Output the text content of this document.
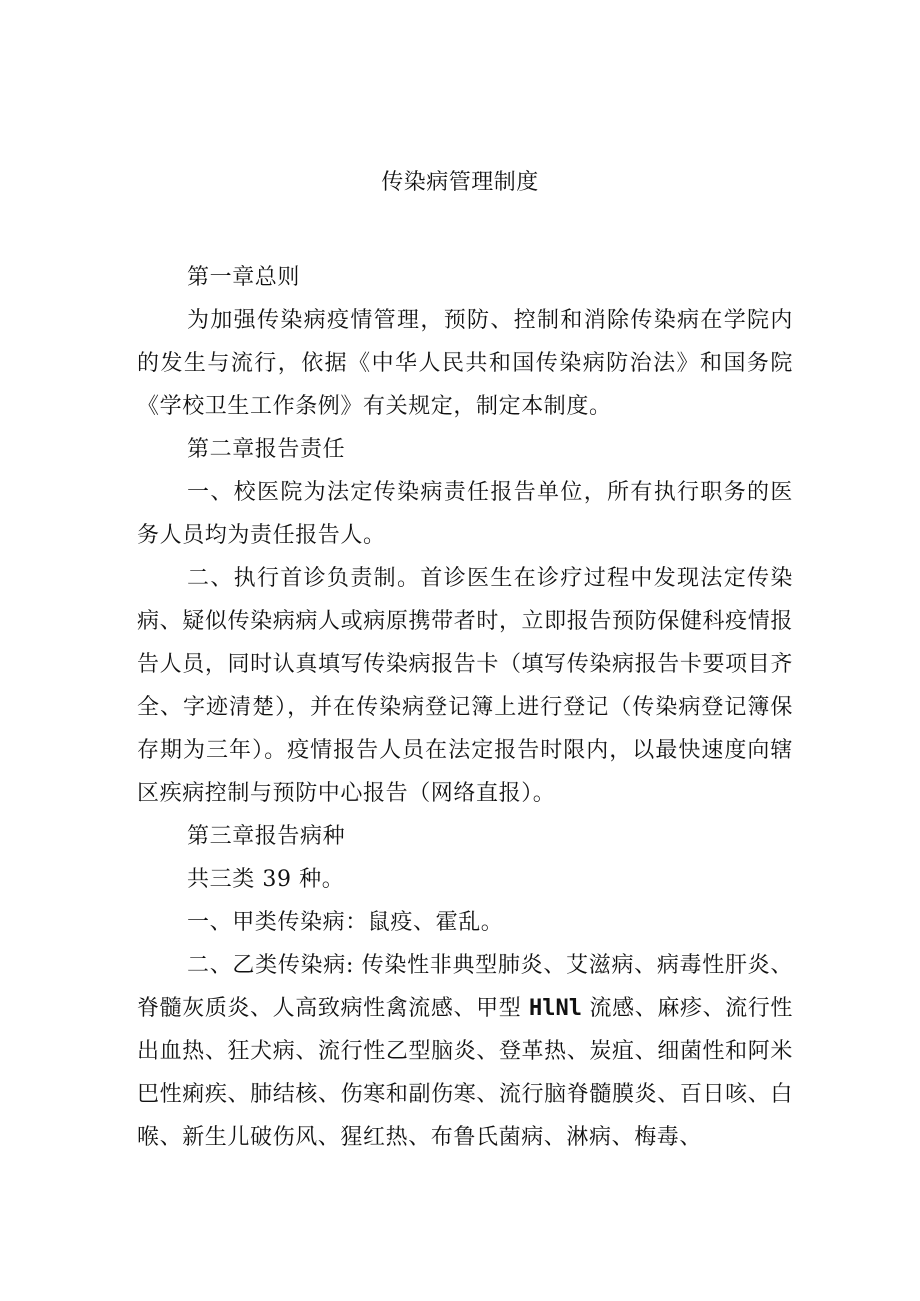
传染病管理制度

第一章总则

为加强传染病疫情管理，预防、控制和消除传染病在学院内的发生与流行，依据《中华人民共和国传染病防治法》和国务院《学校卫生工作条例》有关规定，制定本制度。

第二章报告责任

一、校医院为法定传染病责任报告单位，所有执行职务的医务人员均为责任报告人。

二、执行首诊负责制。首诊医生在诊疗过程中发现法定传染病、疑似传染病病人或病原携带者时，立即报告预防保健科疫情报告人员，同时认真填写传染病报告卡（填写传染病报告卡要项目齐全、字迹清楚），并在传染病登记簿上进行登记（传染病登记簿保存期为三年）。疫情报告人员在法定报告时限内，以最快速度向辖区疾病控制与预防中心报告（网络直报）。

第三章报告病种

共三类 39 种。

一、甲类传染病：鼠疫、霍乱。

二、乙类传染病: 传染性非典型肺炎、艾滋病、病毒性肝炎、脊髓灰质炎、人高致病性禽流感、甲型 HlNl 流感、麻疹、流行性出血热、狂犬病、流行性乙型脑炎、登革热、炭疽、细菌性和阿米巴性痢疾、肺结核、伤寒和副伤寒、流行脑脊髓膜炎、百日咳、白喉、新生儿破伤风、猩红热、布鲁氏菌病、淋病、梅毒、
